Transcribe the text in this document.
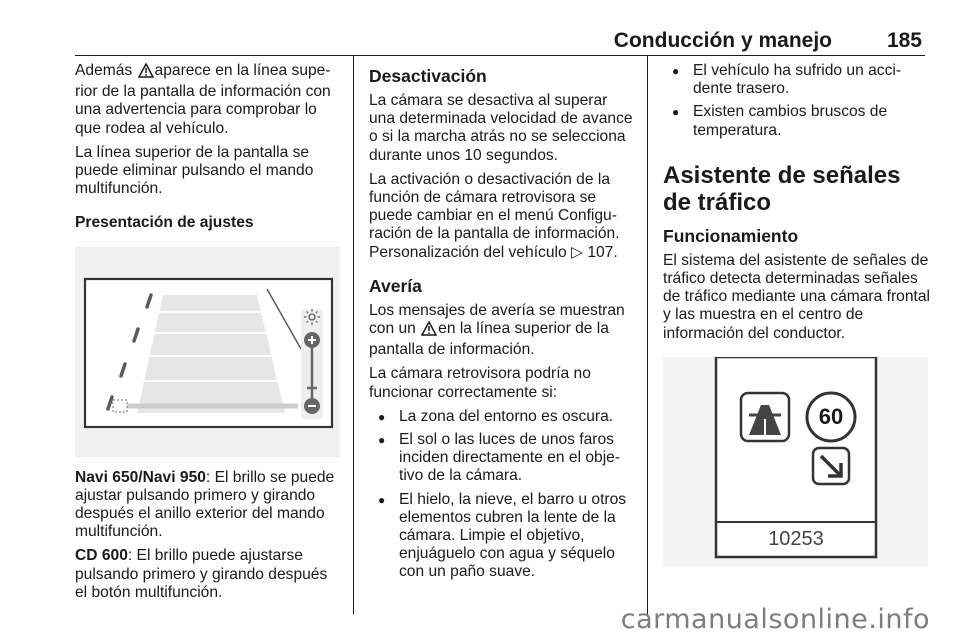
Conducción y manejo	185

Además aparece en la línea supe-rior de la pantalla de información con una advertencia para comprobar lo que rodea al vehículo.

La línea superior de la pantalla se puede eliminar pulsando el mando multifunción.

Presentación de ajustes

Navi 650/Navi 950: El brillo se puede ajustar pulsando primero y girando después el anillo exterior del mando multifunción.

CD 600: El brillo puede ajustarse pulsando primero y girando después el botón multifunción.

Desactivación

La cámara se desactiva al superar una determinada velocidad de avance o si la marcha atrás no se selecciona durante unos 10 segundos.

La activación o desactivación de la función de cámara retrovisora se puede cambiar en el menú Configu-ración de la pantalla de información. Personalización del vehículo ▷ 107.

Avería

Los mensajes de avería se muestran con un en la línea superior de la pantalla de información.

La cámara retrovisora podría no funcionar correctamente si:

● La zona del entorno es oscura.
● El sol o las luces de unos faros inciden directamente en el obje-tivo de la cámara.
● El hielo, la nieve, el barro u otros elementos cubren la lente de la cámara. Limpie el objetivo, enjuáguelo con agua y séquelo con un paño suave.
● El vehículo ha sufrido un acci-dente trasero.
● Existen cambios bruscos de temperatura.
Asistente de señales de tráfico
Funcionamiento

El sistema del asistente de señales de tráfico detecta determinadas señales de tráfico mediante una cámara frontal y las muestra en el centro de información del conductor.

60
10253
carmanualsonline.info
